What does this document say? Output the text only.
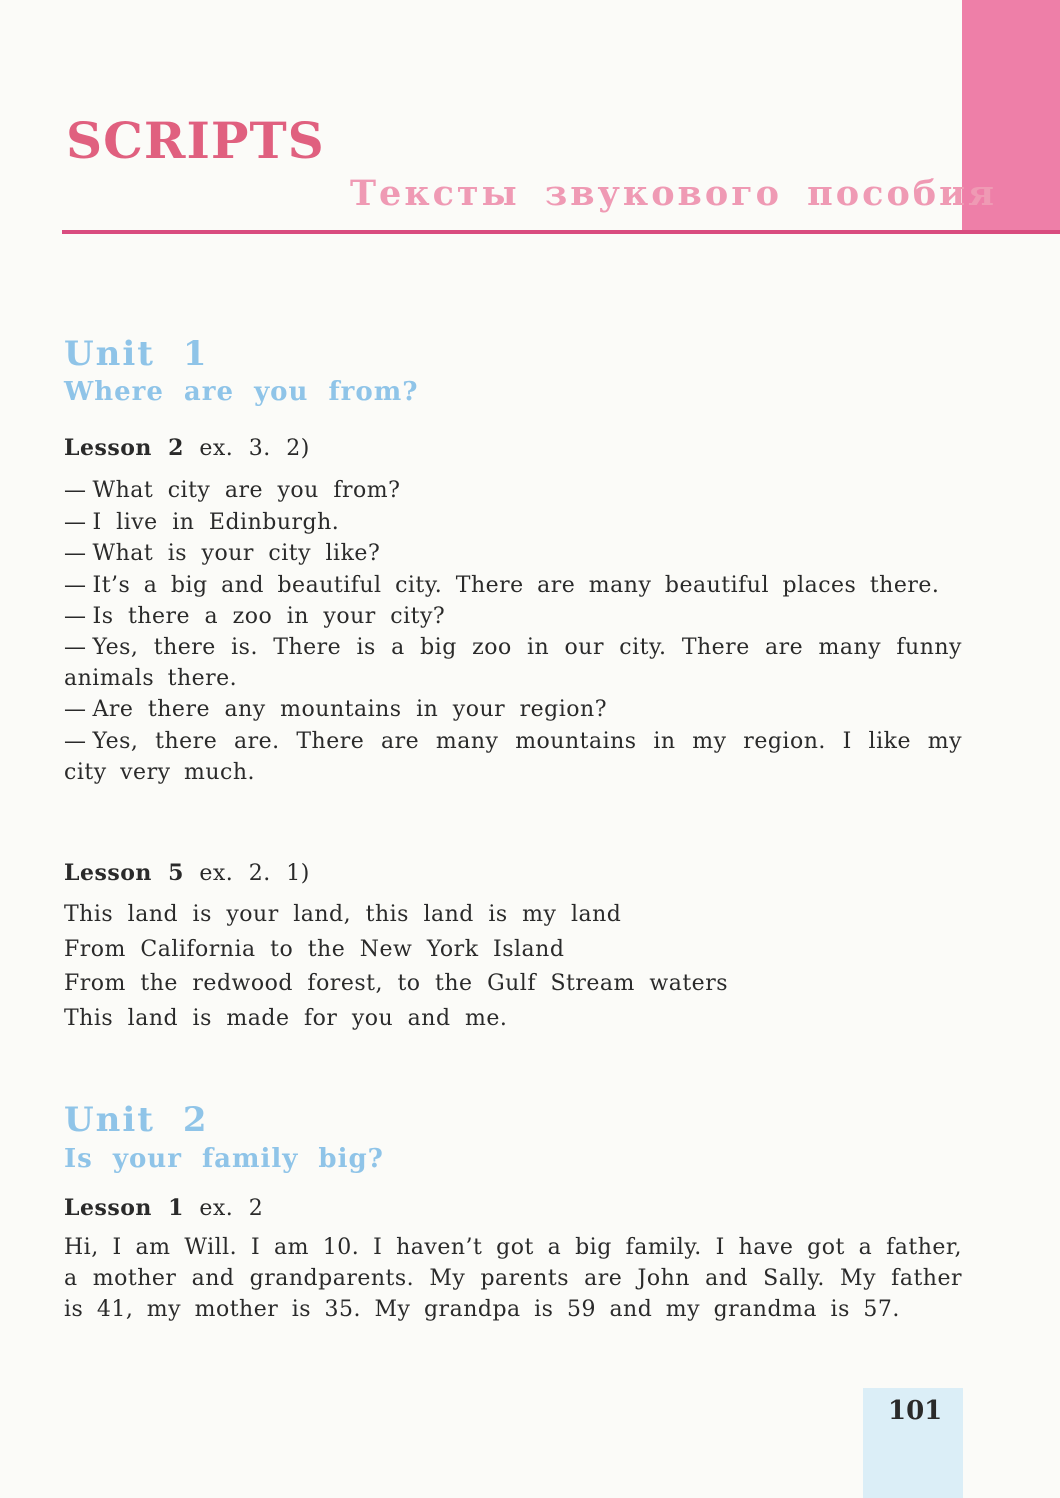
SCRIPTS
Тексты звукового пособия
Unit 1
Where are you from?

Lesson 2 ex. 3. 2)

— What city are you from?
— I live in Edinburgh.
— What is your city like?
— It’s a big and beautiful city. There are many beautiful places there.
— Is there a zoo in your city?
— Yes, there is. There is a big zoo in our city. There are many funny animals there.
— Are there any mountains in your region?
— Yes, there are. There are many mountains in my region. I like my city very much.

Lesson 5 ex. 2. 1)

This land is your land, this land is my land
From California to the New York Island
From the redwood forest, to the Gulf Stream waters
This land is made for you and me.
Unit 2
Is your family big?

Lesson 1 ex. 2

Hi, I am Will. I am 10. I haven’t got a big family. I have got a father, a mother and grandparents. My parents are John and Sally. My father is 41, my mother is 35. My grandpa is 59 and my grandma is 57.

101
